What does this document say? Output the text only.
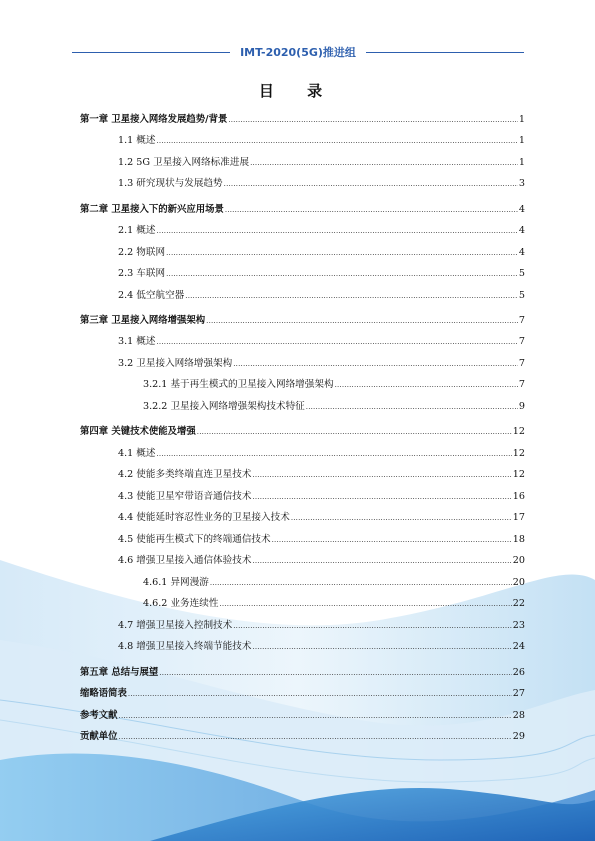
IMT-2020(5G)推进组
目 录
第一章 卫星接入网络发展趋势/背景 .....	1
1.1 概述 .....	1
1.2 5G 卫星接入网络标准进展 .....	1
1.3 研究现状与发展趋势 .....	3
第二章 卫星接入下的新兴应用场景 .....	4
2.1 概述 .....	4
2.2 物联网 .....	4
2.3 车联网 .....	5
2.4 低空航空器 .....	5
第三章 卫星接入网络增强架构 .....	7
3.1 概述 .....	7
3.2 卫星接入网络增强架构 .....	7
3.2.1 基于再生模式的卫星接入网络增强架构 .....	7
3.2.2 卫星接入网络增强架构技术特征 .....	9
第四章 关键技术使能及增强 .....	12
4.1 概述 .....	12
4.2 使能多类终端直连卫星技术 .....	12
4.3 使能卫星窄带语音通信技术 .....	16
4.4 使能延时容忍性业务的卫星接入技术 .....	17
4.5 使能再生模式下的终端通信技术 .....	18
4.6 增强卫星接入通信体验技术 .....	20
4.6.1 异网漫游 .....	20
4.6.2 业务连续性 .....	22
4.7 增强卫星接入控制技术 .....	23
4.8 增强卫星接入终端节能技术 .....	24
第五章 总结与展望 .....	26
缩略语简表 .....	27
参考文献 .....	28
贡献单位 .....	29
